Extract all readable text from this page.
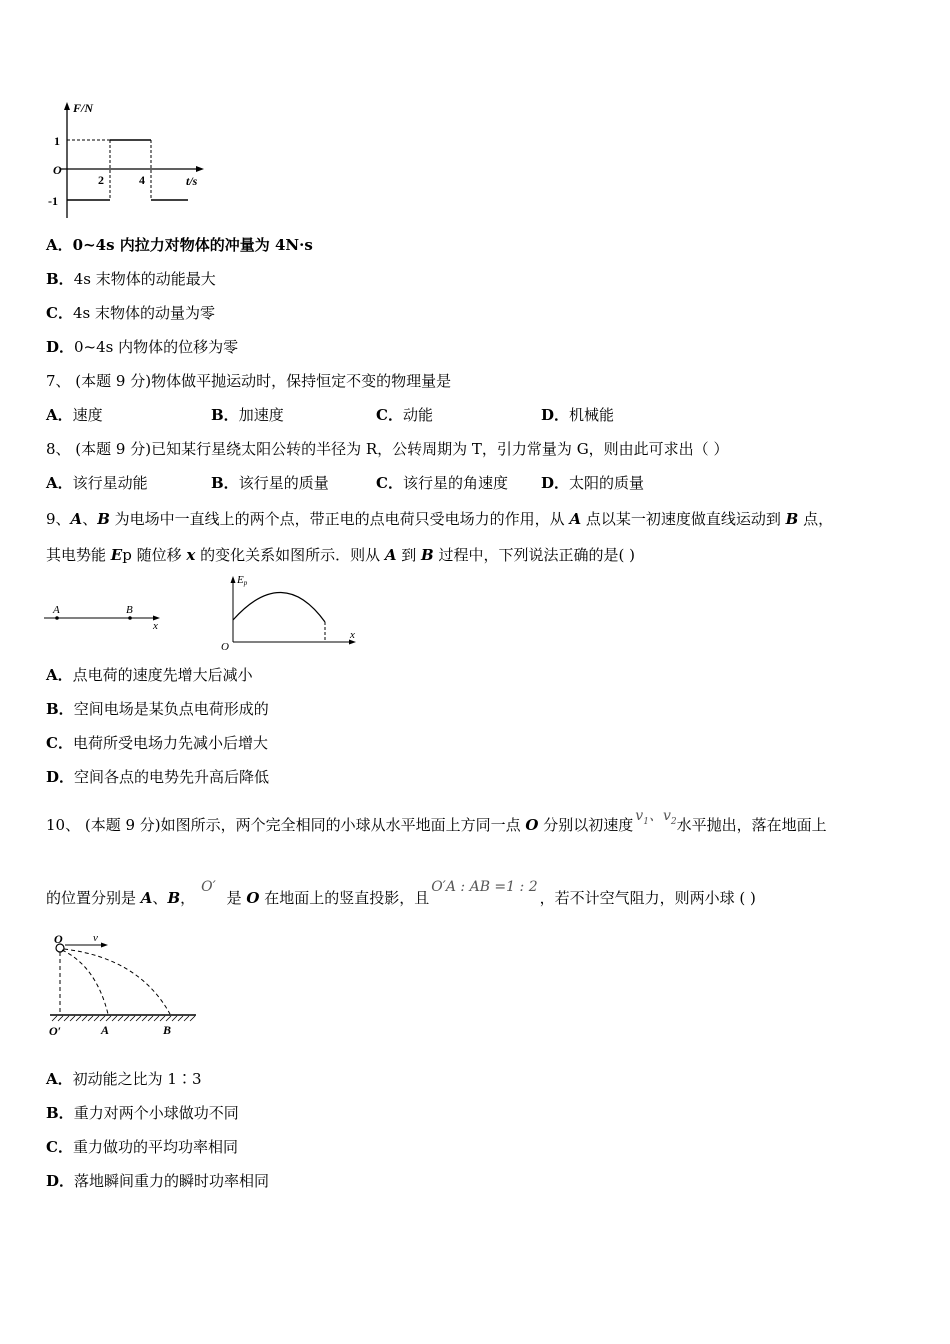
F/N
t/s
O
1
-1
2	4
A．0~4s 内拉力对物体的冲量为 4N·s
B．4s 末物体的动能最大
C．4s 末物体的动量为零
D．0~4s 内物体的位移为零
7、 (本题 9 分)物体做平抛运动时，保持恒定不变的物理量是
A．速度	B．加速度	C．动能	D．机械能
8、 (本题 9 分)已知某行星绕太阳公转的半径为 R，公转周期为 T，引力常量为 G，则由此可求出（ ）
A．该行星动能	B．该行星的质量	C．该行星的角速度 D．太阳的质量
9、A、B 为电场中一直线上的两个点，带正电的点电荷只受电场力的作用，从 A 点以某一初速度做直线运动到 B 点，
其电势能 Ep 随位移 x 的变化关系如图所示．则从 A 到 B 过程中，下列说法正确的是( )
A	B
x
Ep
O
x
A．点电荷的速度先增大后减小
B．空间电场是某负点电荷形成的
C．电荷所受电场力先减小后增大
D．空间各点的电势先升高后降低
10、 (本题 9 分)如图所示，两个完全相同的小球从水平地面上方同一点 O 分别以初速度 $v_1$、$v_2$水平抛出，落在地面上
的位置分别是 A、B，O′ 是 O 在地面上的竖直投影，且O′A : AB =1 : 2，若不计空气阻力，则两小球 ( )
O	v
O′	A	B
A．初动能之比为 1∶3
B．重力对两个小球做功不同
C．重力做功的平均功率相同
D．落地瞬间重力的瞬时功率相同
